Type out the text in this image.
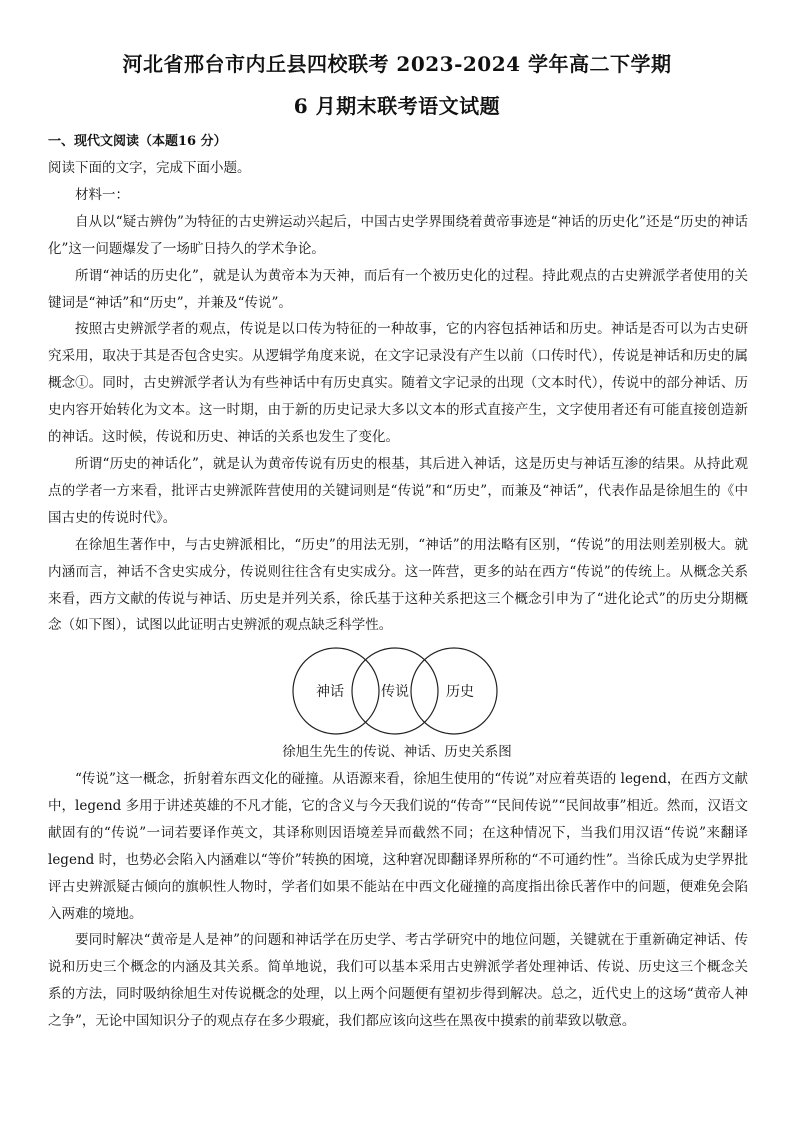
河北省邢台市内丘县四校联考 2023-2024 学年高二下学期
6 月期末联考语文试题
一、现代文阅读（本题16 分）

阅读下面的文字，完成下面小题。

材料一：

自从以“疑古辨伪”为特征的古史辨运动兴起后，中国古史学界围绕着黄帝事迹是“神话的历史化”还是“历史的神话化”这一问题爆发了一场旷日持久的学术争论。

所谓“神话的历史化”，就是认为黄帝本为天神，而后有一个被历史化的过程。持此观点的古史辨派学者使用的关键词是“神话”和“历史”，并兼及“传说”。

按照古史辨派学者的观点，传说是以口传为特征的一种故事，它的内容包括神话和历史。神话是否可以为古史研究采用，取决于其是否包含史实。从逻辑学角度来说，在文字记录没有产生以前（口传时代），传说是神话和历史的属概念①。同时，古史辨派学者认为有些神话中有历史真实。随着文字记录的出现（文本时代），传说中的部分神话、历史内容开始转化为文本。这一时期，由于新的历史记录大多以文本的形式直接产生，文字使用者还有可能直接创造新的神话。这时候，传说和历史、神话的关系也发生了变化。

所谓“历史的神话化”，就是认为黄帝传说有历史的根基，其后进入神话，这是历史与神话互渗的结果。从持此观点的学者一方来看，批评古史辨派阵营使用的关键词则是“传说”和“历史”，而兼及“神话”，代表作品是徐旭生的《中国古史的传说时代》。

在徐旭生著作中，与古史辨派相比，“历史”的用法无别，“神话”的用法略有区别，“传说”的用法则差别极大。就内涵而言，神话不含史实成分，传说则往往含有史实成分。这一阵营，更多的站在西方“传说”的传统上。从概念关系来看，西方文献的传说与神话、历史是并列关系，徐氏基于这种关系把这三个概念引申为了“进化论式”的历史分期概念（如下图），试图以此证明古史辨派的观点缺乏科学性。

神话	传说	历史
徐旭生先生的传说、神话、历史关系图

“传说”这一概念，折射着东西文化的碰撞。从语源来看，徐旭生使用的“传说”对应着英语的 legend，在西方文献中，legend 多用于讲述英雄的不凡才能，它的含义与今天我们说的“传奇”“民间传说”“民间故事”相近。然而，汉语文献固有的“传说”一词若要译作英文，其译称则因语境差异而截然不同；在这种情况下，当我们用汉语“传说”来翻译 legend 时，也势必会陷入内涵难以“等价”转换的困境，这种窘况即翻译界所称的“不可通约性”。当徐氏成为史学界批评古史辨派疑古倾向的旗帜性人物时，学者们如果不能站在中西文化碰撞的高度指出徐氏著作中的问题，便难免会陷入两难的境地。

要同时解决“黄帝是人是神”的问题和神话学在历史学、考古学研究中的地位问题，关键就在于重新确定神话、传说和历史三个概念的内涵及其关系。简单地说，我们可以基本采用古史辨派学者处理神话、传说、历史这三个概念关系的方法，同时吸纳徐旭生对传说概念的处理，以上两个问题便有望初步得到解决。总之，近代史上的这场“黄帝人神之争”，无论中国知识分子的观点存在多少瑕疵，我们都应该向这些在黑夜中摸索的前辈致以敬意。
